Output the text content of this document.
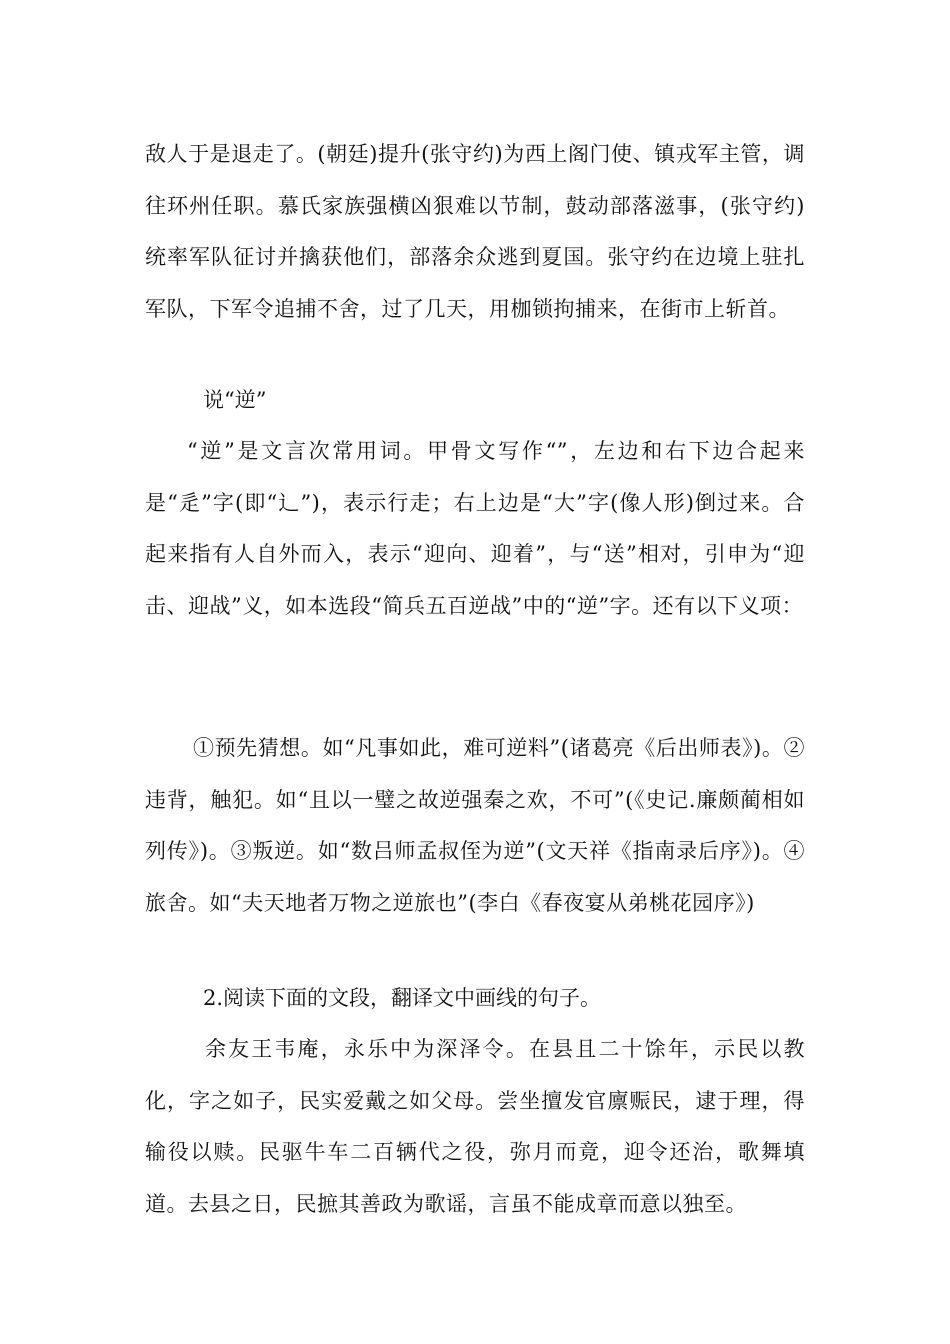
敌人于是退走了。(朝廷)提升(张守约)为西上阁门使、镇戎军主管，调往环州任职。慕氏家族强横凶狠难以节制，鼓动部落滋事，(张守约)统率军队征讨并擒获他们，部落余众逃到夏国。张守约在边境上驻扎军队，下军令追捕不舍，过了几天，用枷锁拘捕来，在街市上斩首。

说“逆”

“逆”是文言次常用词。甲骨文写作“”，左边和右下边合起来是“辵”字(即“辶”)，表示行走；右上边是“大”字(像人形)倒过来。合起来指有人自外而入，表示“迎向、迎着”，与“送”相对，引申为“迎击、迎战”义，如本选段“简兵五百逆战”中的“逆”字。还有以下义项：

①预先猜想。如“凡事如此，难可逆料”(诸葛亮《后出师表》)。②违背，触犯。如“且以一璧之故逆强秦之欢，不可”(《史记.廉颇蔺相如列传》)。③叛逆。如“数吕师孟叔侄为逆”(文天祥《指南录后序》)。④旅舍。如“夫天地者万物之逆旅也”(李白《春夜宴从弟桃花园序》)

2.阅读下面的文段，翻译文中画线的句子。

余友王韦庵，永乐中为深泽令。在县且二十馀年，示民以教化，字之如子，民实爱戴之如父母。尝坐擅发官廪赈民，逮于理，得输役以赎。民驱牛车二百辆代之役，弥月而竟，迎令还治，歌舞填道。去县之日，民摭其善政为歌谣，言虽不能成章而意以独至。
